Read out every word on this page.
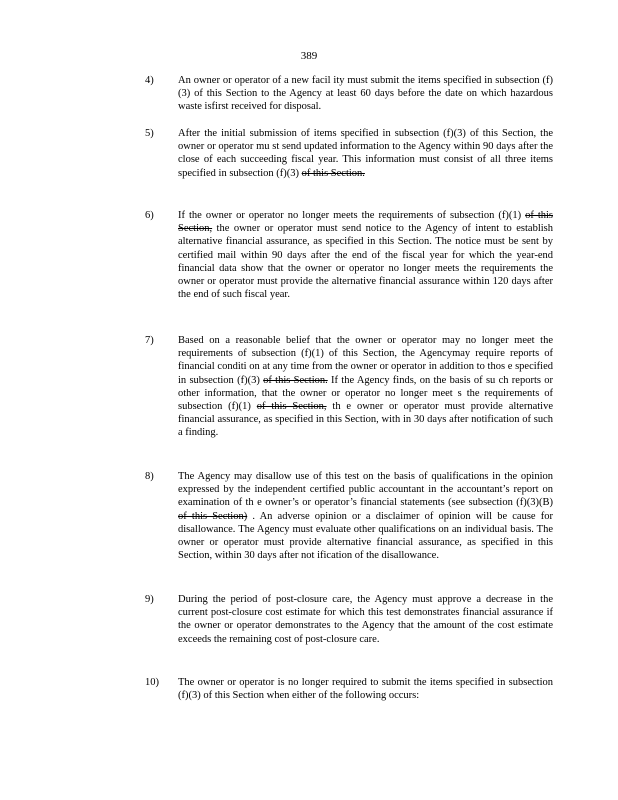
389
4)	An owner or operator of a new facil ity must submit the items specified in subsection (f)(3) of this Section to the Agency at least 60 days before the date on which hazardous waste isfirst received for disposal.
5)	After the initial submission of items specified in subsection (f)(3) of this Section, the owner or operator mu st send updated information to the Agency within 90 days after the close of each succeeding fiscal year. This information must consist of all three items specified in subsection (f)(3) of this Section.
6)	If the owner or operator no longer meets the requirements of subsection (f)(1) of this Section, the owner or operator must send notice to the Agency of intent to establish alternative financial assurance, as specified in this Section. The notice must be sent by certified mail within 90 days after the end of the fiscal year for which the year-end financial data show that the owner or operator no longer meets the requirements the owner or operator must provide the alternative financial assurance within 120 days after the end of such fiscal year.
7)	Based on a reasonable belief that the owner or operator may no longer meet the requirements of subsection (f)(1) of this Section, the Agencymay require reports of financial conditi on at any time from the owner or operator in addition to thos e specified in subsection (f)(3) of this Section. If the Agency finds, on the basis of su ch reports or other information, that the owner or operator no longer meet s the requirements of subsection (f)(1) of this Section, th e owner or operator must provide alternative financial assurance, as specified in this Section, with in 30 days after notification of such a finding.
8)	The Agency may disallow use of this test on the basis of qualifications in the opinion expressed by the independent certified public accountant in the accountant’s report on examination of th e owner’s or operator’s financial statements (see subsection (f)(3)(B) of this Section) . An adverse opinion or a disclaimer of opinion will be cause for disallowance. The Agency must evaluate other qualifications on an individual basis. The owner or operator must provide alternative financial assurance, as specified in this Section, within 30 days after not ification of the disallowance.
9)	During the period of post-closure care, the Agency must approve a decrease in the current post-closure cost estimate for which this test demonstrates financial assurance if the owner or operator demonstrates to the Agency that the amount of the cost estimate exceeds the remaining cost of post-closure care.
10)	The owner or operator is no longer required to submit the items specified in subsection (f)(3) of this Section when either of the following occurs:
